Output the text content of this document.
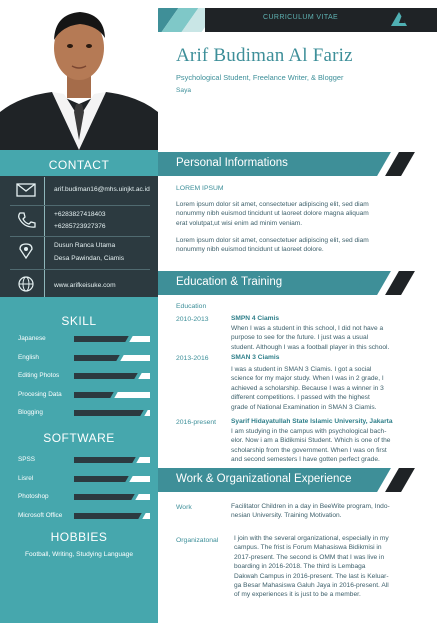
CURRICULUM VITAE
CONTACT
arif.budiman16@mhs.uinjkt.ac.id
+6283827418403
+6285723927376
Dusun Ranca Utama
Desa Pawindan, Ciamis
www.arifkeisuke.com
SKILL
Japanese
English
Editing Photos
Procesing Data
Blogging
SOFTWARE
SPSS
Lisrel
Photoshop
Microsoft Office
HOBBIES
Football, Writing, Studying Language
Arif Budiman Al Fariz
Psychological Student, Freelance Writer, & Blogger
Saya
Personal Informations
LOREM IPSUM
Lorem ipsum dolor sit amet, consectetuer adipiscing elit, sed diam
nonummy nibh euismod tincidunt ut laoreet dolore magna aliquam
erat volutpat,ut wisi enim ad minim veniam.
Lorem ipsum dolor sit amet, consectetuer adipiscing elit, sed diam
nonummy nibh euismod tincidunt ut laoreet dolore.
Education & Training
Education
2010-2013	SMPN 4 Ciamis
When I was a student in this school, I did not have a
purpose to see for the future. I just was a usual
student. Although I was a football player in this school.
2013-2016	SMAN 3 Ciamis
I was a student in SMAN 3 Ciamis. I got a social
science for my major study. When I was in 2 grade, I
achieved a scholarship. Because I was a winner in 3
different competitions. I passed with the highest
grade of National Examination in SMAN 3 Ciamis.
2016-present Syarif Hidayatullah State Islamic University, Jakarta
I am studying in the campus with psychological bach-
elor. Now i am a Bidikmisi Student. Which is one of the
scholarship from the government. When I was on first
and second semesters I have gotten perfect grade.
Work & Organizational Experience
Work	Facilitator Children in a day in BeeWite program, Indo-
nesian University. Training Motivation.
Organizatonal I join with the several organizational, especially in my
campus. The frist is Forum Mahasiswa Bidikmisi in
2017-present. The second is OMM that I was live in
boarding in 2016-2018. The third is Lembaga
Dakwah Campus in 2016-present. The last is Keluar-
ga Besar Mahasiswa Galuh Jaya in 2016-present. All
of my experiences it is just to be a member.
